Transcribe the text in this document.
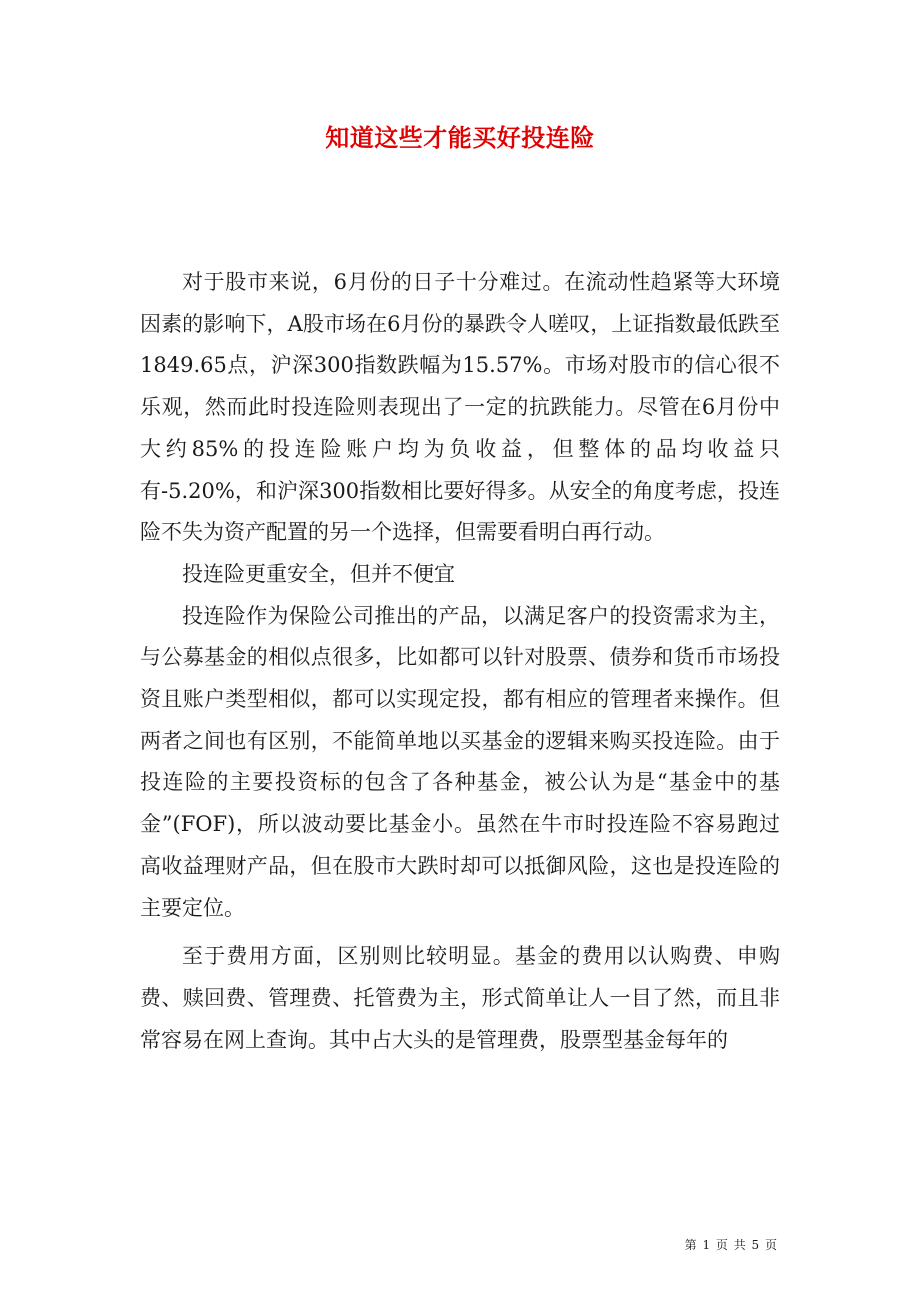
知道这些才能买好投连险

对于股市来说，6月份的日子十分难过。在流动性趋紧等大环境因素的影响下，A股市场在6月份的暴跌令人嗟叹，上证指数最低跌至1849.65点，沪深300指数跌幅为15.57%。市场对股市的信心很不乐观，然而此时投连险则表现出了一定的抗跌能力。尽管在6月份中大约85%的投连险账户均为负收益，但整体的品均收益只有-5.20%，和沪深300指数相比要好得多。从安全的角度考虑，投连险不失为资产配置的另一个选择，但需要看明白再行动。

投连险更重安全，但并不便宜

投连险作为保险公司推出的产品，以满足客户的投资需求为主，与公募基金的相似点很多，比如都可以针对股票、债券和货币市场投资且账户类型相似，都可以实现定投，都有相应的管理者来操作。但两者之间也有区别，不能简单地以买基金的逻辑来购买投连险。由于投连险的主要投资标的包含了各种基金，被公认为是“基金中的基金”(FOF)，所以波动要比基金小。虽然在牛市时投连险不容易跑过高收益理财产品，但在股市大跌时却可以抵御风险，这也是投连险的主要定位。

至于费用方面，区别则比较明显。基金的费用以认购费、申购费、赎回费、管理费、托管费为主，形式简单让人一目了然，而且非常容易在网上查询。其中占大头的是管理费，股票型基金每年的

第 1 页 共 5 页
